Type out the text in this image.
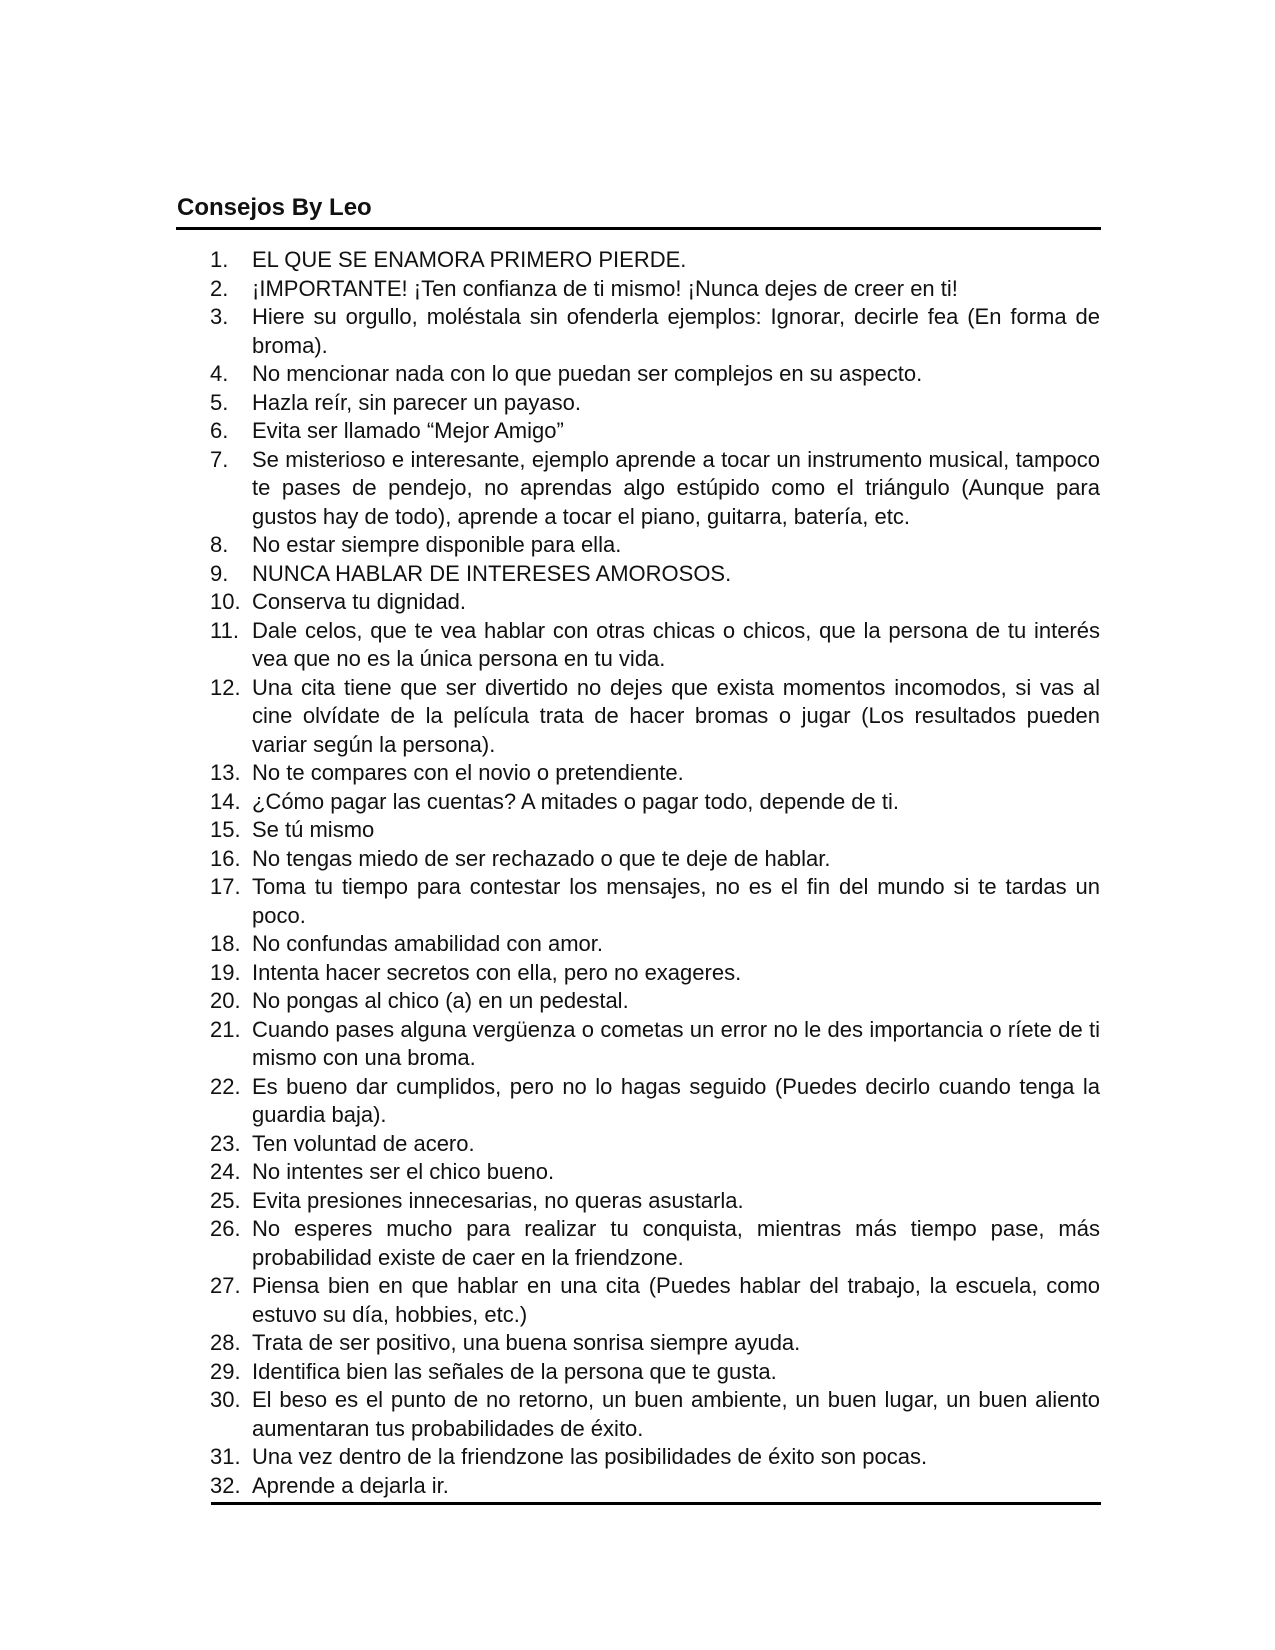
Consejos By Leo
1.	EL QUE SE ENAMORA PRIMERO PIERDE.
2.	¡IMPORTANTE! ¡Ten confianza de ti mismo! ¡Nunca dejes de creer en ti!
3.	Hiere su orgullo, moléstala sin ofenderla ejemplos: Ignorar, decirle fea (En forma de broma).
4.	No mencionar nada con lo que puedan ser complejos en su aspecto.
5.	Hazla reír, sin parecer un payaso.
6.	Evita ser llamado “Mejor Amigo”
7.	Se misterioso e interesante, ejemplo aprende a tocar un instrumento musical, tampoco te pases de pendejo, no aprendas algo estúpido como el triángulo (Aunque para gustos hay de todo), aprende a tocar el piano, guitarra, batería, etc.
8.	No estar siempre disponible para ella.
9.	NUNCA HABLAR DE INTERESES AMOROSOS.
10. Conserva tu dignidad.
11. Dale celos, que te vea hablar con otras chicas o chicos, que la persona de tu interés vea que no es la única persona en tu vida.
12. Una cita tiene que ser divertido no dejes que exista momentos incomodos, si vas al cine olvídate de la película trata de hacer bromas o jugar (Los resultados pueden variar según la persona).
13. No te compares con el novio o pretendiente.
14. ¿Cómo pagar las cuentas? A mitades o pagar todo, depende de ti.
15. Se tú mismo
16. No tengas miedo de ser rechazado o que te deje de hablar.
17. Toma tu tiempo para contestar los mensajes, no es el fin del mundo si te tardas un poco.
18. No confundas amabilidad con amor.
19. Intenta hacer secretos con ella, pero no exageres.
20. No pongas al chico (a) en un pedestal.
21. Cuando pases alguna vergüenza o cometas un error no le des importancia o ríete de ti mismo con una broma.
22. Es bueno dar cumplidos, pero no lo hagas seguido (Puedes decirlo cuando tenga la guardia baja).
23. Ten voluntad de acero.
24. No intentes ser el chico bueno.
25. Evita presiones innecesarias, no queras asustarla.
26. No esperes mucho para realizar tu conquista, mientras más tiempo pase, más probabilidad existe de caer en la friendzone.
27. Piensa bien en que hablar en una cita (Puedes hablar del trabajo, la escuela, como estuvo su día, hobbies, etc.)
28. Trata de ser positivo, una buena sonrisa siempre ayuda.
29. Identifica bien las señales de la persona que te gusta.
30. El beso es el punto de no retorno, un buen ambiente, un buen lugar, un buen aliento aumentaran tus probabilidades de éxito.
31. Una vez dentro de la friendzone las posibilidades de éxito son pocas.
32. Aprende a dejarla ir.
